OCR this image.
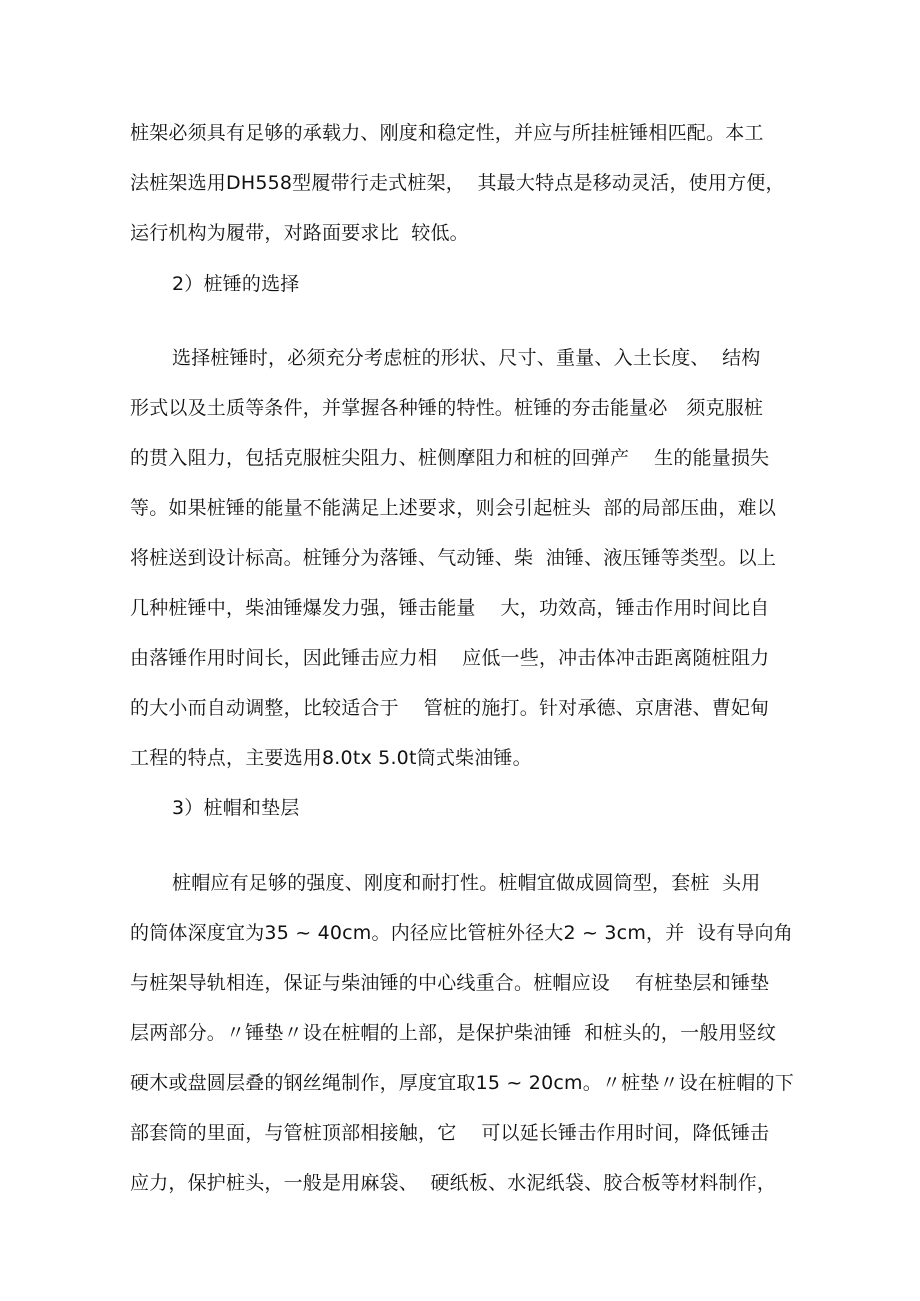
桩架必须具有足够的承载力、刚度和稳定性，并应与所挂桩锤相匹配。本工

法桩架选用DH558型履带行走式桩架，  其最大特点是移动灵活，使用方便，

运行机构为履带，对路面要求比  较低。

2）桩锤的选择

选择桩锤时，必须充分考虑桩的形状、尺寸、重量、入土长度、  结构

形式以及土质等条件，并掌握各种锤的特性。桩锤的夯击能量必   须克服桩

的贯入阻力，包括克服桩尖阻力、桩侧摩阻力和桩的回弹产    生的能量损失

等。如果桩锤的能量不能满足上述要求，则会引起桩头  部的局部压曲，难以

将桩送到设计标高。桩锤分为落锤、气动锤、柴  油锤、液压锤等类型。以上

几种桩锤中，柴油锤爆发力强，锤击能量    大，功效高，锤击作用时间比自

由落锤作用时间长，因此锤击应力相    应低一些，冲击体冲击距离随桩阻力

的大小而自动调整，比较适合于    管桩的施打。针对承德、京唐港、曹妃甸

工程的特点，主要选用8.0tx 5.0t筒式柴油锤。

3）桩帽和垫层

桩帽应有足够的强度、刚度和耐打性。桩帽宜做成圆筒型，套桩  头用

的筒体深度宜为35 ~ 40cm。内径应比管桩外径大2 ~ 3cm，并  设有导向角

与桩架导轨相连，保证与柴油锤的中心线重合。桩帽应设    有桩垫层和锤垫

层两部分。〃锤垫〃设在桩帽的上部，是保护柴油锤  和桩头的，一般用竖纹

硬木或盘圆层叠的钢丝绳制作，厚度宜取15 ~ 20cm。〃桩垫〃设在桩帽的下

部套筒的里面，与管桩顶部相接触，它    可以延长锤击作用时间，降低锤击

应力，保护桩头，一般是用麻袋、  硬纸板、水泥纸袋、胶合板等材料制作，
